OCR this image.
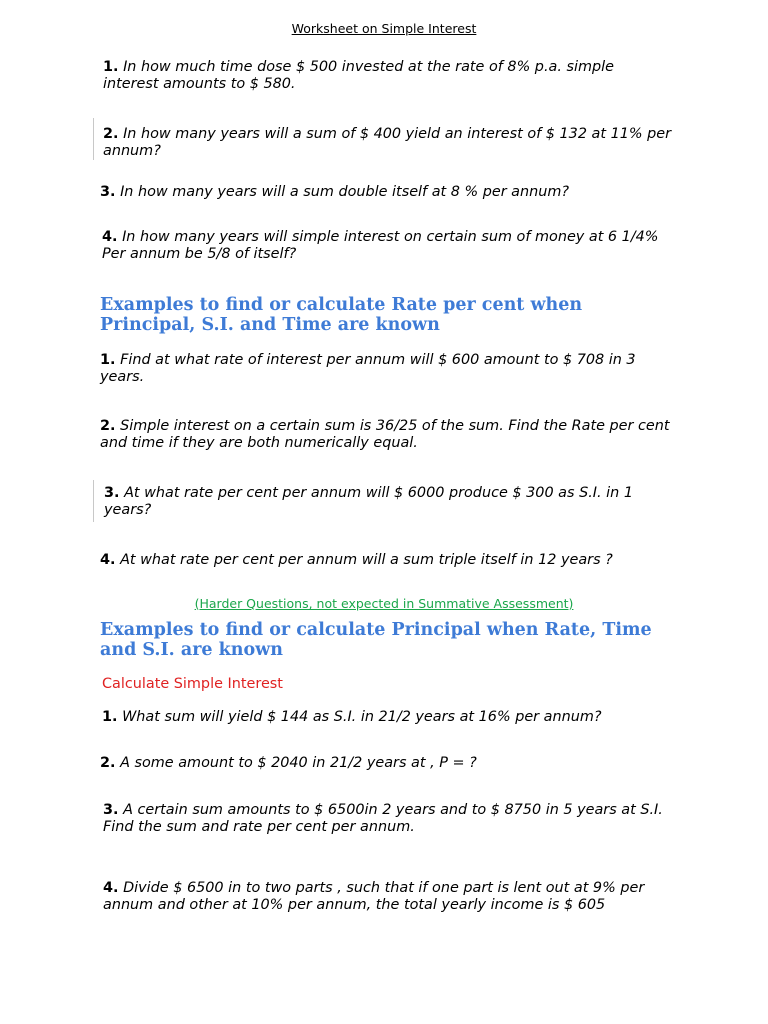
Worksheet on Simple Interest
1. In how much time dose $ 500 invested at the rate of 8% p.a. simple interest amounts to $ 580.
2. In how many years will a sum of $ 400 yield an interest of $ 132 at 11% per annum?
3. In how many years will a sum double itself at 8 % per annum?
4. In how many years will simple interest on certain sum of money at 6 1/4% Per annum be 5/8 of itself?
Examples to find or calculate Rate per cent when Principal, S.I. and Time are known
1. Find at what rate of interest per annum will $ 600 amount to $ 708 in 3 years.
2. Simple interest on a certain sum is 36/25 of the sum. Find the Rate per cent and time if they are both numerically equal.
3. At what rate per cent per annum will $ 6000 produce $ 300 as S.I. in 1 years?
4. At what rate per cent per annum will a sum triple itself in 12 years ?
(Harder Questions, not expected in Summative Assessment)
Examples to find or calculate Principal when Rate, Time and S.I. are known
Calculate Simple Interest
1. What sum will yield $ 144 as S.I. in 21/2 years at 16% per annum?
2. A some amount to $ 2040 in 21/2 years at , P = ?
3. A certain sum amounts to $ 6500in 2 years and to $ 8750 in 5 years at S.I. Find the sum and rate per cent per annum.
4. Divide $ 6500 in to two parts , such that if one part is lent out at 9% per annum and other at 10% per annum, the total yearly income is $ 605
